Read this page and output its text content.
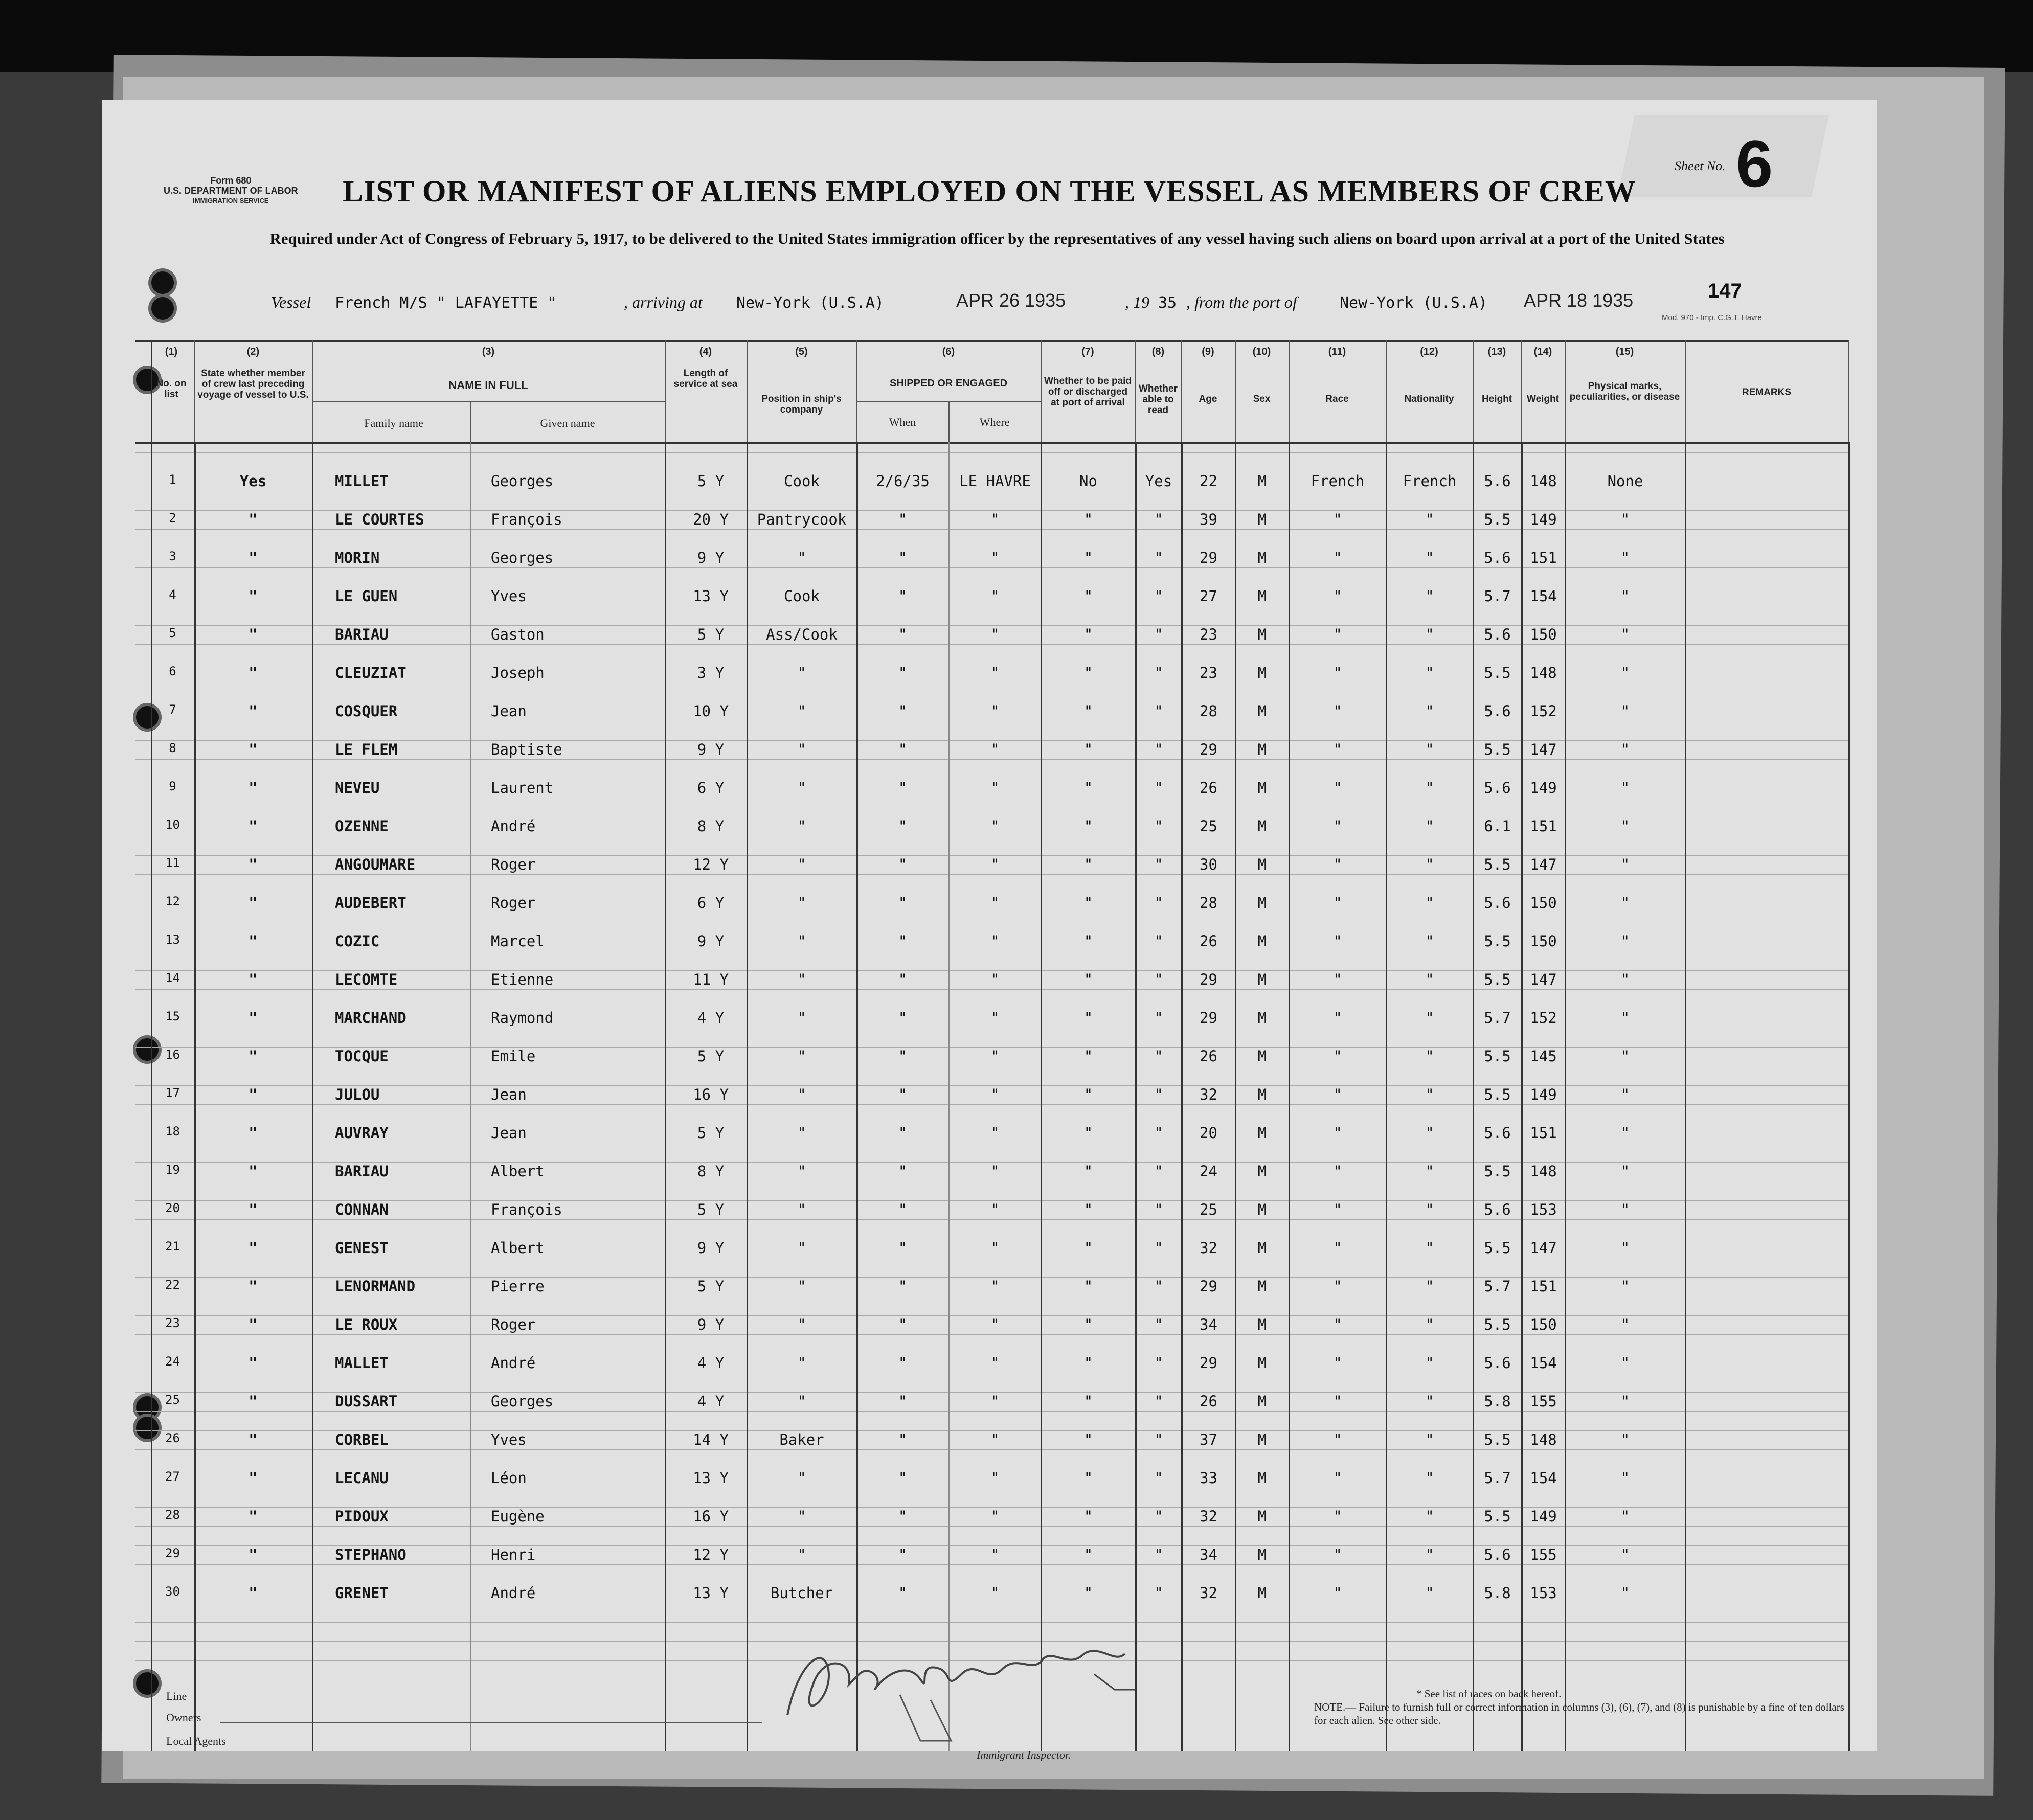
Form 680
U.S. DEPARTMENT OF LABOR
IMMIGRATION SERVICE
Sheet No. 6
LIST OR MANIFEST OF ALIENS EMPLOYED ON THE VESSEL AS MEMBERS OF CREW
Required under Act of Congress of February 5, 1917, to be delivered to the United States immigration officer by the representatives of any vessel having such aliens on board upon arrival at a port of the United States
Vessel French M/S " LAFAYETTE "	, arriving at New-York (U.S.A)	APR 26 1935	, 19 35 , from the port of	New-York (U.S.A) APR 18 1935	147
Mod. 970 - Imp. C.G.T. Havre
(1)	(2)	(3)	(4)	(5)	(6)	(7)	(8)	(9)	(10)	(11)	(12)	(13)	(14)	(15)
No. on list
State whether member of crew last preceding voyage of vessel to U.S.
NAME IN FULL
Family name	Given name
Length of service at sea
Position in ship's company
SHIPPED OR ENGAGED
When	Where
Whether to be paid off or discharged at port of arrival
Whether able to read
Age	Sex	Race	Nationality	Height	Weight
Physical marks, peculiarities, or disease	REMARKS
1	Yes	MILLET	Georges	5 Y	Cook	2/6/35	LE HAVRE	No	Yes	22	M	French	French	5.6	148	None
2	"	LE COURTES	François	20 Y	Pantrycook	"	"	"	"	39	M	"	"	5.5	149	"
3	"	MORIN	Georges	9 Y	"	"	"	"	"	29	M	"	"	5.6	151	"
4	"	LE GUEN	Yves	13 Y	Cook	"	"	"	"	27	M	"	"	5.7	154	"
5	"	BARIAU	Gaston	5 Y	Ass/Cook	"	"	"	"	23	M	"	"	5.6	150	"
6	"	CLEUZIAT	Joseph	3 Y	"	"	"	"	"	23	M	"	"	5.5	148	"
7	"	COSQUER	Jean	10 Y	"	"	"	"	"	28	M	"	"	5.6	152	"
8	"	LE FLEM	Baptiste	9 Y	"	"	"	"	"	29	M	"	"	5.5	147	"
9	"	NEVEU	Laurent	6 Y	"	"	"	"	"	26	M	"	"	5.6	149	"
10	"	OZENNE	André	8 Y	"	"	"	"	"	25	M	"	"	6.1	151	"
11	"	ANGOUMARE	Roger	12 Y	"	"	"	"	"	30	M	"	"	5.5	147	"
12	"	AUDEBERT	Roger	6 Y	"	"	"	"	"	28	M	"	"	5.6	150	"
13	"	COZIC	Marcel	9 Y	"	"	"	"	"	26	M	"	"	5.5	150	"
14	"	LECOMTE	Etienne	11 Y	"	"	"	"	"	29	M	"	"	5.5	147	"
15	"	MARCHAND	Raymond	4 Y	"	"	"	"	"	29	M	"	"	5.7	152	"
16	"	TOCQUE	Emile	5 Y	"	"	"	"	"	26	M	"	"	5.5	145	"
17	"	JULOU	Jean	16 Y	"	"	"	"	"	32	M	"	"	5.5	149	"
18	"	AUVRAY	Jean	5 Y	"	"	"	"	"	20	M	"	"	5.6	151	"
19	"	BARIAU	Albert	8 Y	"	"	"	"	"	24	M	"	"	5.5	148	"
20	"	CONNAN	François	5 Y	"	"	"	"	"	25	M	"	"	5.6	153	"
21	"	GENEST	Albert	9 Y	"	"	"	"	"	32	M	"	"	5.5	147	"
22	"	LENORMAND	Pierre	5 Y	"	"	"	"	"	29	M	"	"	5.7	151	"
23	"	LE ROUX	Roger	9 Y	"	"	"	"	"	34	M	"	"	5.5	150	"
24	"	MALLET	André	4 Y	"	"	"	"	"	29	M	"	"	5.6	154	"
25	"	DUSSART	Georges	4 Y	"	"	"	"	"	26	M	"	"	5.8	155	"
26	"	CORBEL	Yves	14 Y	Baker	"	"	"	"	37	M	"	"	5.5	148	"
27	"	LECANU	Léon	13 Y	"	"	"	"	"	33	M	"	"	5.7	154	"
28	"	PIDOUX	Eugène	16 Y	"	"	"	"	"	32	M	"	"	5.5	149	"
29	"	STEPHANO	Henri	12 Y	"	"	"	"	"	34	M	"	"	5.6	155	"
30	"	GRENET	André	13 Y	Butcher	"	"	"	"	32	M	"	"	5.8	153	"
Line
Owners
Local Agents
Immigrant Inspector.
* See list of races on back hereof.
NOTE.— Failure to furnish full or correct information in columns (3), (6), (7), and (8) is punishable by a fine of ten dollars for each alien. See other side.
